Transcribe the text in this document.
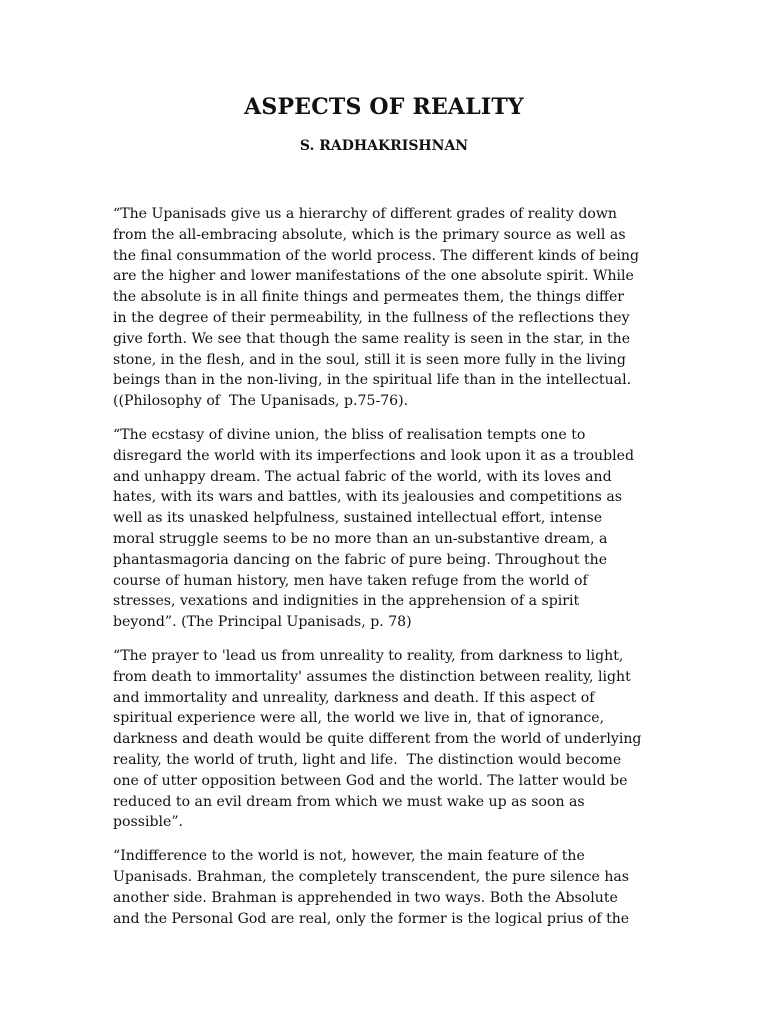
ASPECTS OF REALITY
S. RADHAKRISHNAN

“The Upanisads give us a hierarchy of different grades of reality down
from the all-embracing absolute, which is the primary source as well as
the final consummation of the world process. The different kinds of being
are the higher and lower manifestations of the one absolute spirit. While
the absolute is in all finite things and permeates them, the things differ
in the degree of their permeability, in the fullness of the reflections they
give forth. We see that though the same reality is seen in the star, in the
stone, in the flesh, and in the soul, still it is seen more fully in the living
beings than in the non-living, in the spiritual life than in the intellectual.
((Philosophy of  The Upanisads, p.75-76).

“The ecstasy of divine union, the bliss of realisation tempts one to
disregard the world with its imperfections and look upon it as a troubled
and unhappy dream. The actual fabric of the world, with its loves and
hates, with its wars and battles, with its jealousies and competitions as
well as its unasked helpfulness, sustained intellectual effort, intense
moral struggle seems to be no more than an un-substantive dream, a
phantasmagoria dancing on the fabric of pure being. Throughout the
course of human history, men have taken refuge from the world of
stresses, vexations and indignities in the apprehension of a spirit
beyond”. (The Principal Upanisads, p. 78)

“The prayer to 'lead us from unreality to reality, from darkness to light,
from death to immortality' assumes the distinction between reality, light
and immortality and unreality, darkness and death. If this aspect of
spiritual experience were all, the world we live in, that of ignorance,
darkness and death would be quite different from the world of underlying
reality, the world of truth, light and life.  The distinction would become
one of utter opposition between God and the world. The latter would be
reduced to an evil dream from which we must wake up as soon as
possible”.

“Indifference to the world is not, however, the main feature of the
Upanisads. Brahman, the completely transcendent, the pure silence has
another side. Brahman is apprehended in two ways. Both the Absolute
and the Personal God are real, only the former is the logical prius of the
